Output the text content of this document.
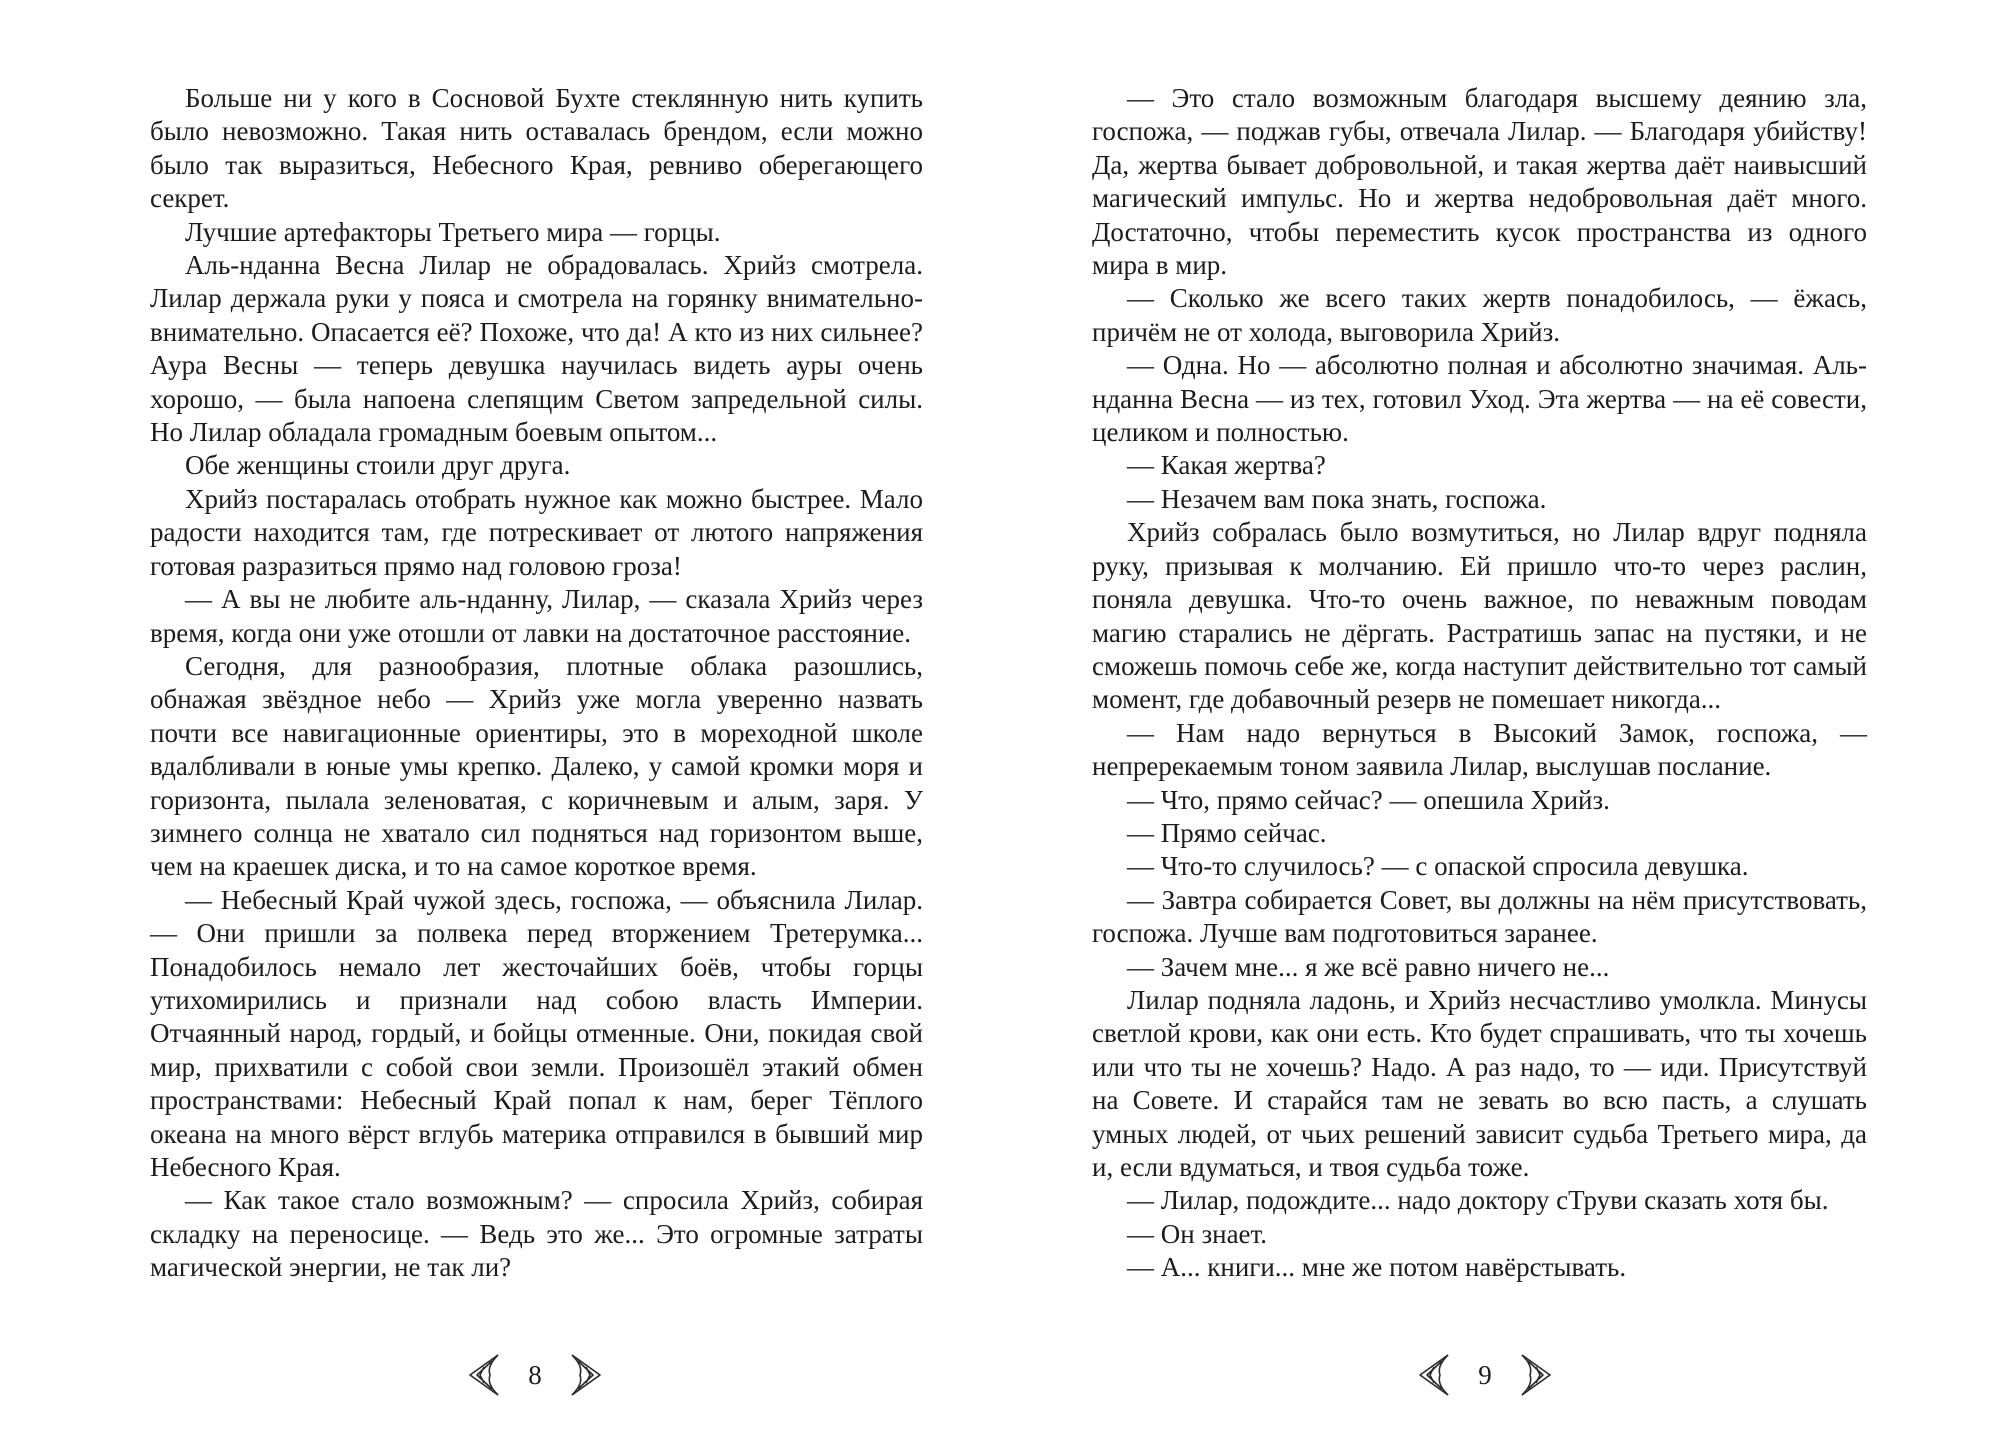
Больше ни у кого в Сосновой Бухте стеклянную нить купить было невозможно. Такая нить оставалась брендом, если можно было так выразиться, Небесного Края, ревниво оберегающего секрет.

Лучшие артефакторы Третьего мира — горцы.

Аль-нданна Весна Лилар не обрадовалась. Хрийз смотрела. Лилар держала руки у пояса и смотрела на горянку внимательно-внимательно. Опасается её? Похоже, что да! А кто из них сильнее? Аура Весны — теперь девушка научилась видеть ауры очень хорошо, — была напоена слепящим Светом запредельной силы. Но Лилар обладала громадным боевым опытом...

Обе женщины стоили друг друга.

Хрийз постаралась отобрать нужное как можно быстрее. Мало радости находится там, где потрескивает от лютого напряжения готовая разразиться прямо над головою гроза!

— А вы не любите аль-нданну, Лилар, — сказала Хрийз через время, когда они уже отошли от лавки на достаточное расстояние.

Сегодня, для разнообразия, плотные облака разошлись, обнажая звёздное небо — Хрийз уже могла уверенно назвать почти все навигационные ориентиры, это в мореходной школе вдалбливали в юные умы крепко. Далеко, у самой кромки моря и горизонта, пылала зеленоватая, с коричневым и алым, заря. У зимнего солнца не хватало сил подняться над горизонтом выше, чем на краешек диска, и то на самое короткое время.

— Небесный Край чужой здесь, госпожа, — объяснила Лилар. — Они пришли за полвека перед вторжением Третерумка... Понадобилось немало лет жесточайших боёв, чтобы горцы утихомирились и признали над собою власть Империи. Отчаянный народ, гордый, и бойцы отменные. Они, покидая свой мир, прихватили с собой свои земли. Произошёл этакий обмен пространствами: Небесный Край попал к нам, берег Тёплого океана на много вёрст вглубь материка отправился в бывший мир Небесного Края.

— Как такое стало возможным? — спросила Хрийз, собирая складку на переносице. — Ведь это же... Это огромные затраты магической энергии, не так ли?

8

— Это стало возможным благодаря высшему деянию зла, госпожа, — поджав губы, отвечала Лилар. — Благодаря убийству! Да, жертва бывает добровольной, и такая жертва даёт наивысший магический импульс. Но и жертва недобровольная даёт много. Достаточно, чтобы переместить кусок пространства из одного мира в мир.

— Сколько же всего таких жертв понадобилось, — ёжась, причём не от холода, выговорила Хрийз.

— Одна. Но — абсолютно полная и абсолютно значимая. Аль-нданна Весна — из тех, готовил Уход. Эта жертва — на её совести, целиком и полностью.

— Какая жертва?

— Незачем вам пока знать, госпожа.

Хрийз собралась было возмутиться, но Лилар вдруг подняла руку, призывая к молчанию. Ей пришло что-то через раслин, поняла девушка. Что-то очень важное, по неважным поводам магию старались не дёргать. Растратишь запас на пустяки, и не сможешь помочь себе же, когда наступит действительно тот самый момент, где добавочный резерв не помешает никогда...

— Нам надо вернуться в Высокий Замок, госпожа, — непререкаемым тоном заявила Лилар, выслушав послание.

— Что, прямо сейчас? — опешила Хрийз.

— Прямо сейчас.

— Что-то случилось? — с опаской спросила девушка.

— Завтра собирается Совет, вы должны на нём присутствовать, госпожа. Лучше вам подготовиться заранее.

— Зачем мне... я же всё равно ничего не...

Лилар подняла ладонь, и Хрийз несчастливо умолкла. Минусы светлой крови, как они есть. Кто будет спрашивать, что ты хочешь или что ты не хочешь? Надо. А раз надо, то — иди. Присутствуй на Совете. И старайся там не зевать во всю пасть, а слушать умных людей, от чьих решений зависит судьба Третьего мира, да и, если вдуматься, и твоя судьба тоже.

— Лилар, подождите... надо доктору сТруви сказать хотя бы.

— Он знает.

— А... книги... мне же потом навёрстывать.

9
